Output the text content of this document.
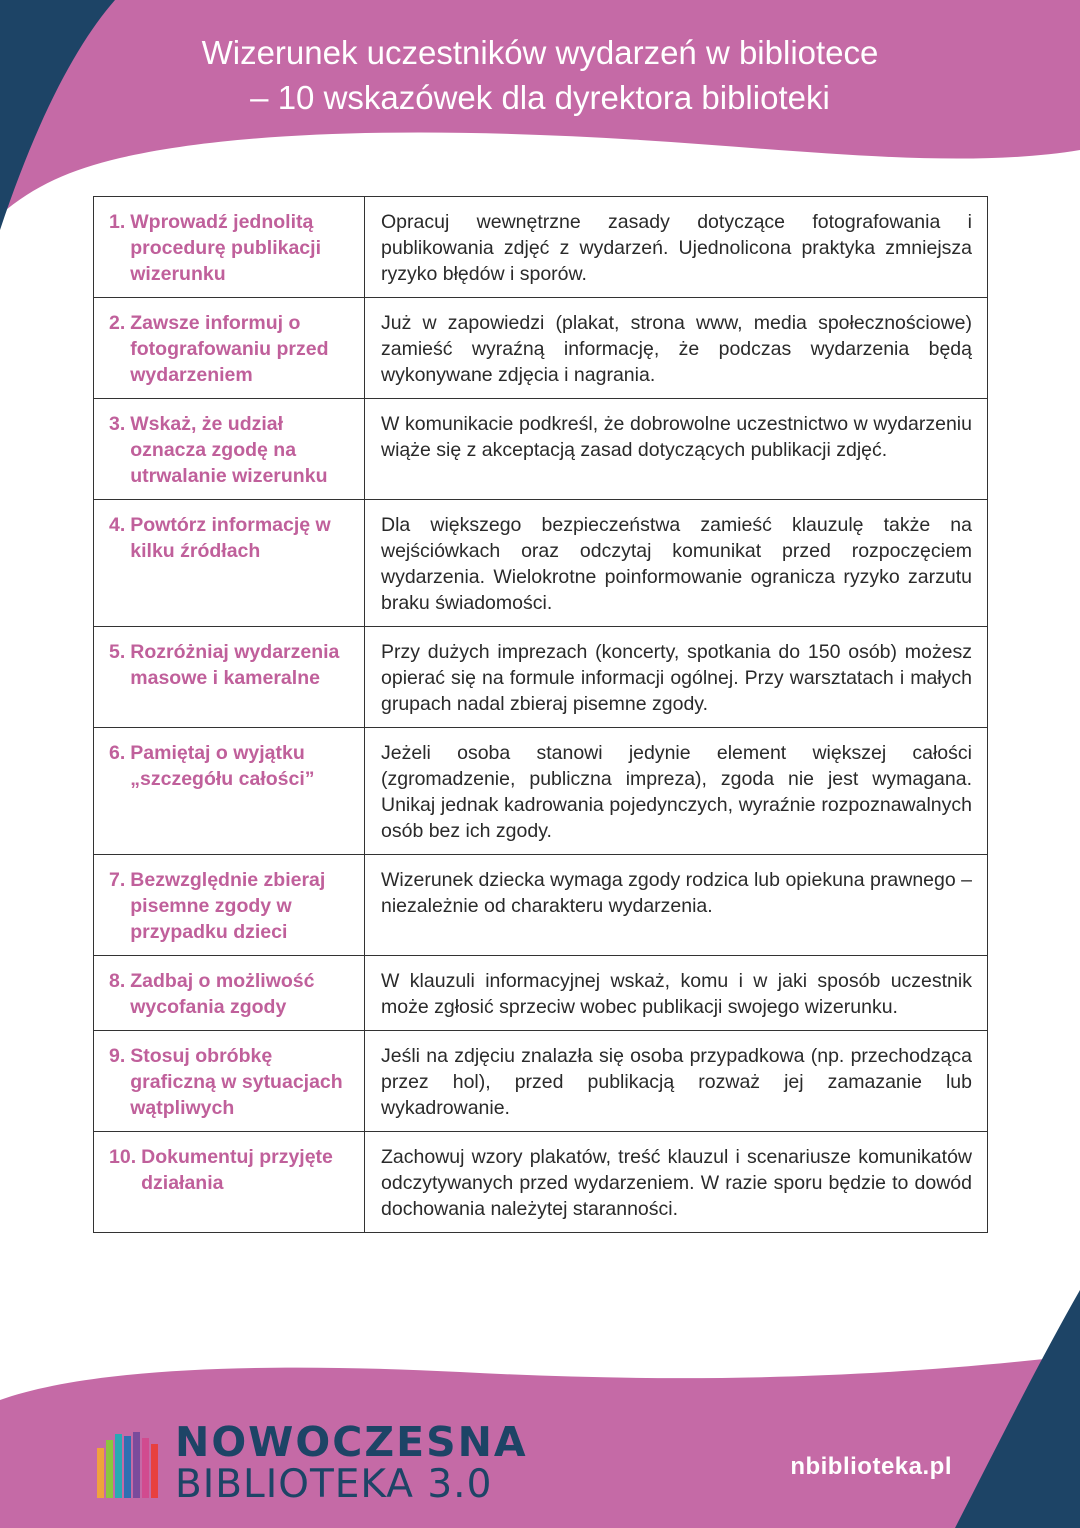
Wizerunek uczestników wydarzeń w bibliotece
– 10 wskazówek dla dyrektora biblioteki
1. Wprowadź jednolitą procedurę publikacji wizerunku	Opracuj wewnętrzne zasady dotyczące fotografowania i publikowania zdjęć z wydarzeń. Ujednolicona praktyka zmniejsza ryzyko błędów i sporów.

2. Zawsze informuj o fotografowaniu przed wydarzeniem	Już w zapowiedzi (plakat, strona www, media społecznościowe) zamieść wyraźną informację, że podczas wydarzenia będą wykonywane zdjęcia i nagrania.

3. Wskaż, że udział oznacza zgodę na utrwalanie wizerunku	W komunikacie podkreśl, że dobrowolne uczestnictwo w wydarzeniu wiąże się z akceptacją zasad dotyczących publikacji zdjęć.

4. Powtórz informację w kilku źródłach	Dla większego bezpieczeństwa zamieść klauzulę także na wejściówkach oraz odczytaj komunikat przed rozpoczęciem wydarzenia. Wielokrotne poinformowanie ogranicza ryzyko zarzutu braku świadomości.

5. Rozróżniaj wydarzenia masowe i kameralne	Przy dużych imprezach (koncerty, spotkania do 150 osób) możesz opierać się na formule informacji ogólnej. Przy warsztatach i małych grupach nadal zbieraj pisemne zgody.

6. Pamiętaj o wyjątku „szczegółu całości”	Jeżeli osoba stanowi jedynie element większej całości (zgromadzenie, publiczna impreza), zgoda nie jest wymagana. Unikaj jednak kadrowania pojedynczych, wyraźnie rozpoznawalnych osób bez ich zgody.

7. Bezwzględnie zbieraj pisemne zgody w przypadku dzieci	Wizerunek dziecka wymaga zgody rodzica lub opiekuna prawnego – niezależnie od charakteru wydarzenia.

8. Zadbaj o możliwość wycofania zgody	W klauzuli informacyjnej wskaż, komu i w jaki sposób uczestnik może zgłosić sprzeciw wobec publikacji swojego wizerunku.

9. Stosuj obróbkę graficzną w sytuacjach wątpliwych	Jeśli na zdjęciu znalazła się osoba przypadkowa (np. przechodząca przez hol), przed publikacją rozważ jej zamazanie lub wykadrowanie.

10. Dokumentuj przyjęte działania	Zachowuj wzory plakatów, treść klauzul i scenariusze komunikatów odczytywanych przed wydarzeniem. W razie sporu będzie to dowód dochowania należytej staranności.
NOWOCZESNA
BIBLIOTEKA 3.0	nbiblioteka.pl
